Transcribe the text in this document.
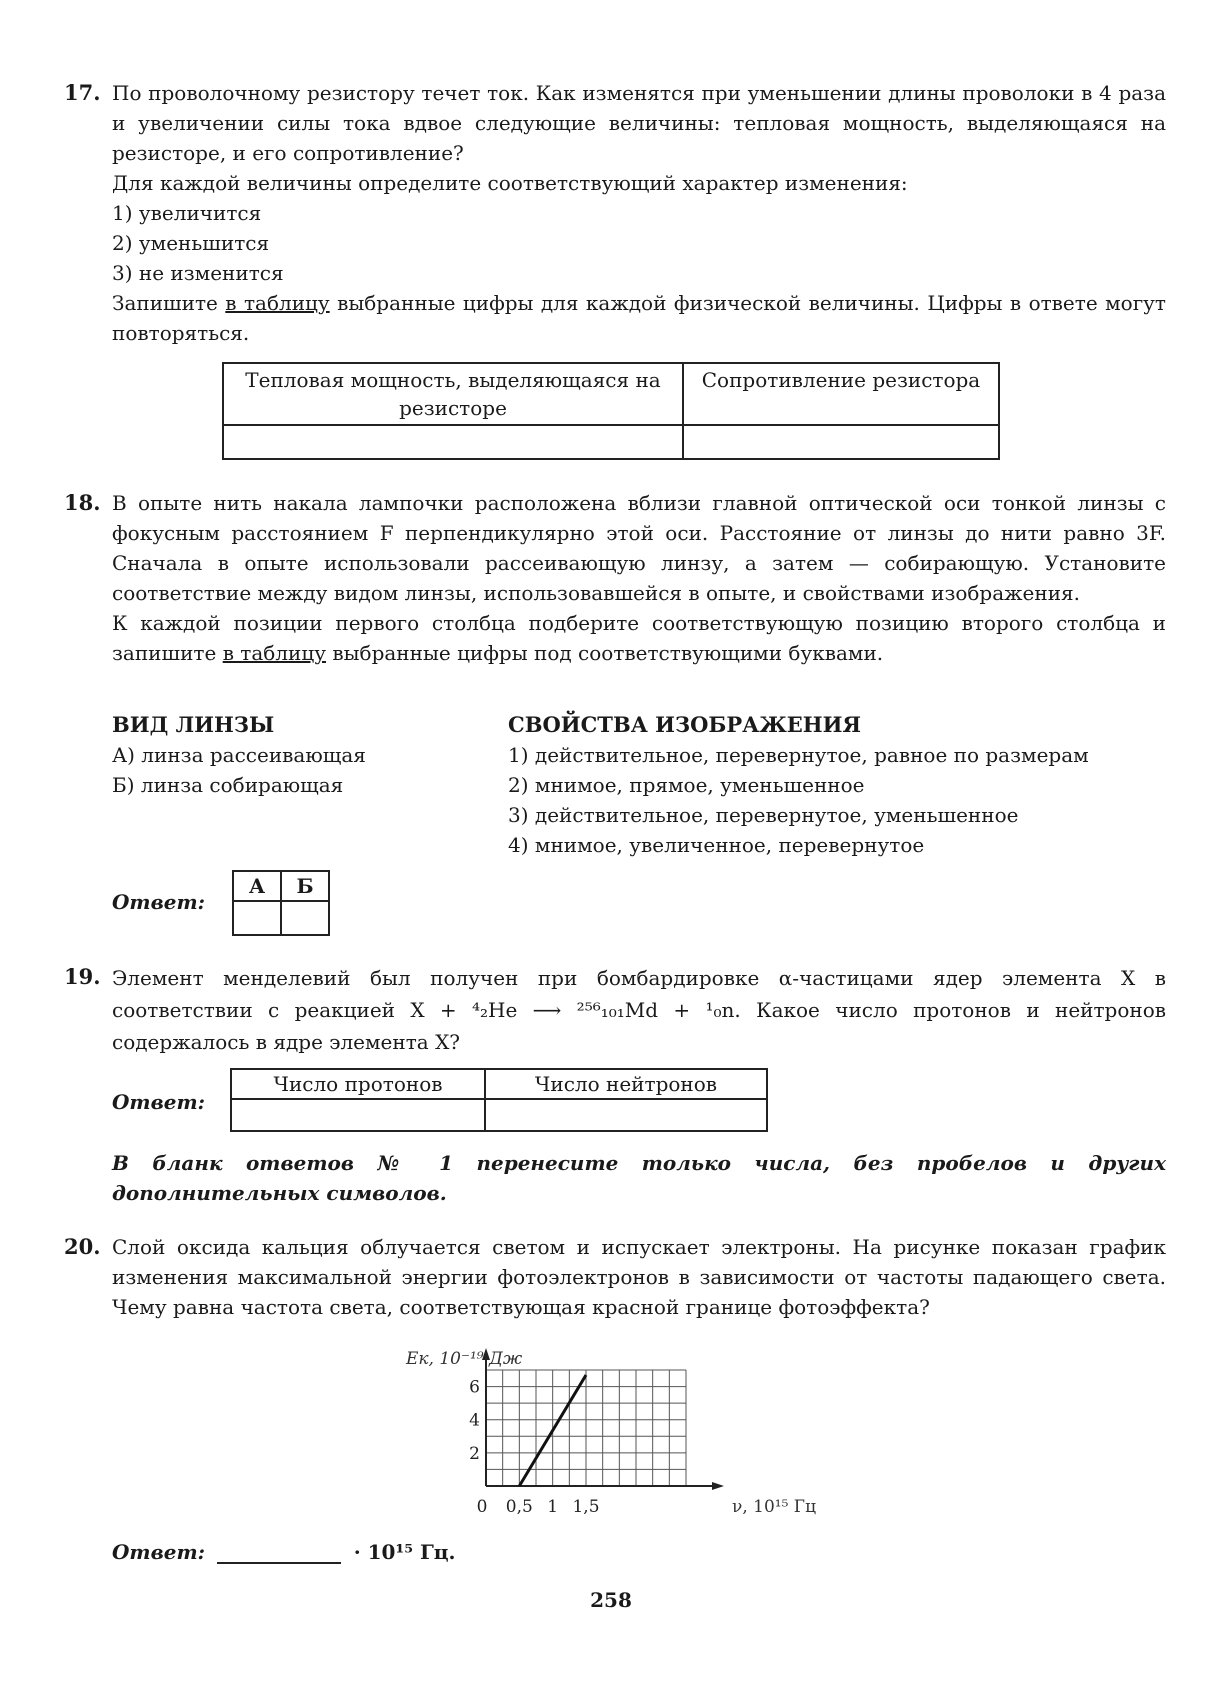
17. По проволочному резистору течет ток. Как изменятся при уменьшении длины проволоки в 4 раза и увеличении силы тока вдвое следующие величины: тепловая мощность, выделяющаяся на резисторе, и его сопротивление?

Для каждой величины определите соответствующий характер изменения:

1) увеличится

2) уменьшится

3) не изменится

Запишите в таблицу выбранные цифры для каждой физической величины. Цифры в ответе могут повторяться.

Тепловая мощность, выделяющаяся на резисторе	Сопротивление резистора

18. В опыте нить накала лампочки расположена вблизи главной оптической оси тонкой линзы с фокусным расстоянием F перпендикулярно этой оси. Расстояние от линзы до нити равно 3F. Сначала в опыте использовали рассеивающую линзу, а затем — собирающую. Установите соответствие между видом линзы, использовавшейся в опыте, и свойствами изображения.

К каждой позиции первого столбца подберите соответствующую позицию второго столбца и запишите в таблицу выбранные цифры под соответствующими буквами.

ВИД ЛИНЗЫ
А) линза рассеивающая
Б) линза собирающая
СВОЙСТВА ИЗОБРАЖЕНИЯ
1) действительное, перевернутое, равное по размерам
2) мнимое, прямое, уменьшенное
3) действительное, перевернутое, уменьшенное
4) мнимое, увеличенное, перевернутое
Ответ:
А	Б

19. Элемент менделевий был получен при бомбардировке α-частицами ядер элемента X в соответствии с реакцией X + ⁴₂He ⟶ ²⁵⁶₁₀₁Md + ¹₀n. Какое число протонов и нейтронов содержалось в ядре элемента X?

Ответ:
Число протонов	Число нейтронов

В бланк ответов № 1 перенесите только числа, без пробелов и других дополнительных символов.

20. Слой оксида кальция облучается светом и испускает электроны. На рисунке показан график изменения максимальной энергии фотоэлектронов в зависимости от частоты падающего света. Чему равна частота света, соответствующая красной границе фотоэффекта?

0 0,5 1 1,5
2
4
6
Eк, 10⁻¹⁹ Дж
ν, 10¹⁵ Гц
Ответ:	· 10¹⁵ Гц.
258
